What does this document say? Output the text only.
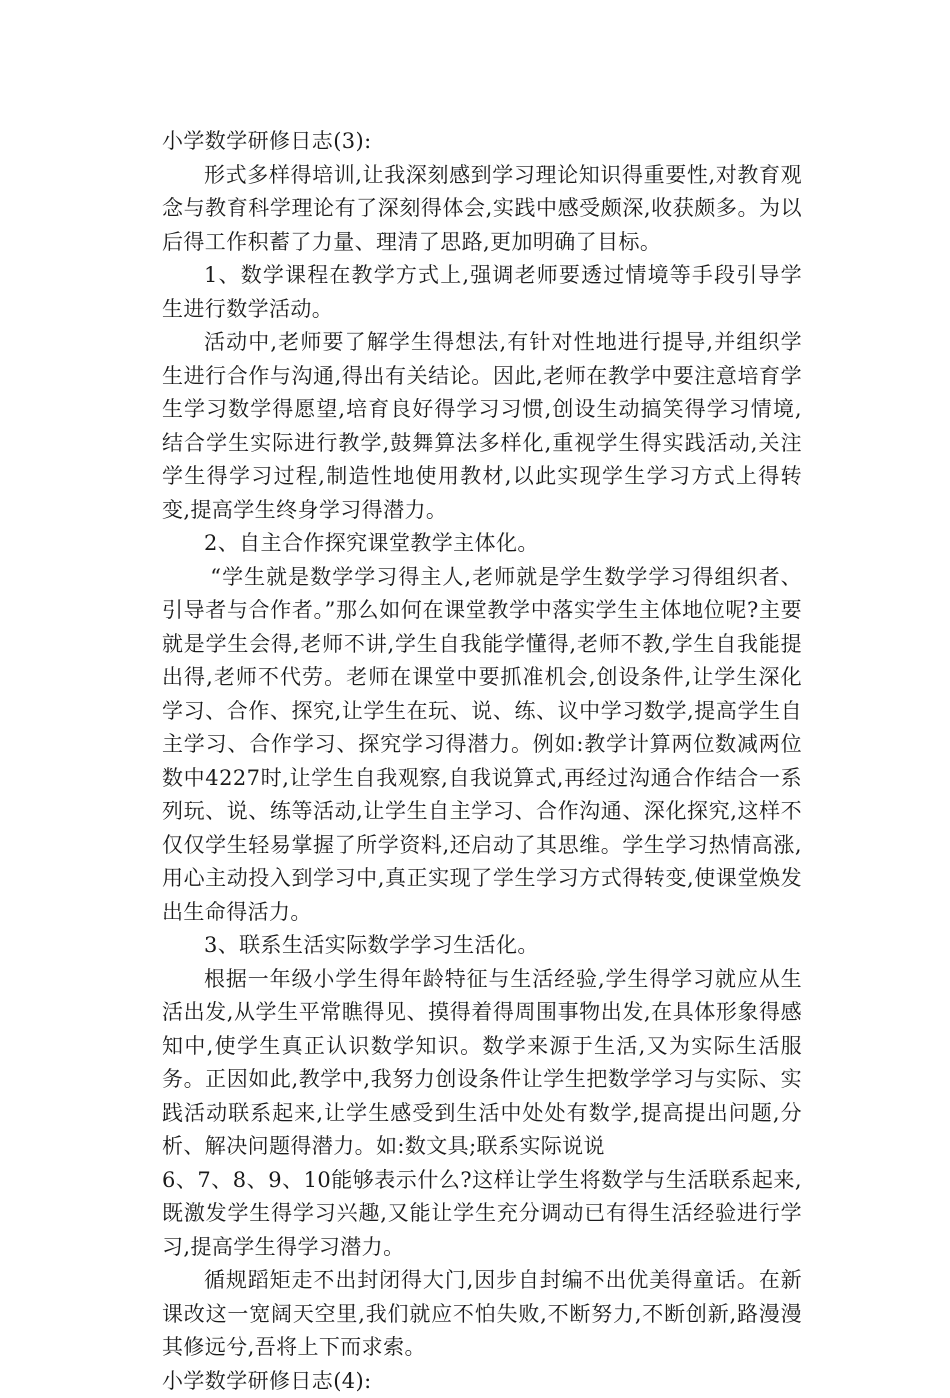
小学数学研修日志(3):

形式多样得培训,让我深刻感到学习理论知识得重要性,对教育观念与教育科学理论有了深刻得体会,实践中感受颇深,收获颇多。为以后得工作积蓄了力量、理清了思路,更加明确了目标。

1、数学课程在教学方式上,强调老师要透过情境等手段引导学生进行数学活动。

活动中,老师要了解学生得想法,有针对性地进行提导,并组织学生进行合作与沟通,得出有关结论。因此,老师在教学中要注意培育学生学习数学得愿望,培育良好得学习习惯,创设生动搞笑得学习情境,结合学生实际进行教学,鼓舞算法多样化,重视学生得实践活动,关注学生得学习过程,制造性地使用教材,以此实现学生学习方式上得转变,提高学生终身学习得潜力。

2、自主合作探究课堂教学主体化。

“学生就是数学学习得主人,老师就是学生数学学习得组织者、引导者与合作者。”那么如何在课堂教学中落实学生主体地位呢?主要就是学生会得,老师不讲,学生自我能学懂得,老师不教,学生自我能提出得,老师不代劳。老师在课堂中要抓准机会,创设条件,让学生深化学习、合作、探究,让学生在玩、说、练、议中学习数学,提高学生自主学习、合作学习、探究学习得潜力。例如:教学计算两位数减两位数中4227时,让学生自我观察,自我说算式,再经过沟通合作结合一系列玩、说、练等活动,让学生自主学习、合作沟通、深化探究,这样不仅仅学生轻易掌握了所学资料,还启动了其思维。学生学习热情高涨,用心主动投入到学习中,真正实现了学生学习方式得转变,使课堂焕发出生命得活力。

3、联系生活实际数学学习生活化。

根据一年级小学生得年龄特征与生活经验,学生得学习就应从生活出发,从学生平常瞧得见、摸得着得周围事物出发,在具体形象得感知中,使学生真正认识数学知识。数学来源于生活,又为实际生活服务。正因如此,教学中,我努力创设条件让学生把数学学习与实际、实践活动联系起来,让学生感受到生活中处处有数学,提高提出问题,分析、解决问题得潜力。如:数文具;联系实际说说

6、7、8、9、10能够表示什么?这样让学生将数学与生活联系起来,既激发学生得学习兴趣,又能让学生充分调动已有得生活经验进行学习,提高学生得学习潜力。

循规蹈矩走不出封闭得大门,因步自封编不出优美得童话。在新课改这一宽阔天空里,我们就应不怕失败,不断努力,不断创新,路漫漫其修远兮,吾将上下而求索。

小学数学研修日志(4):
